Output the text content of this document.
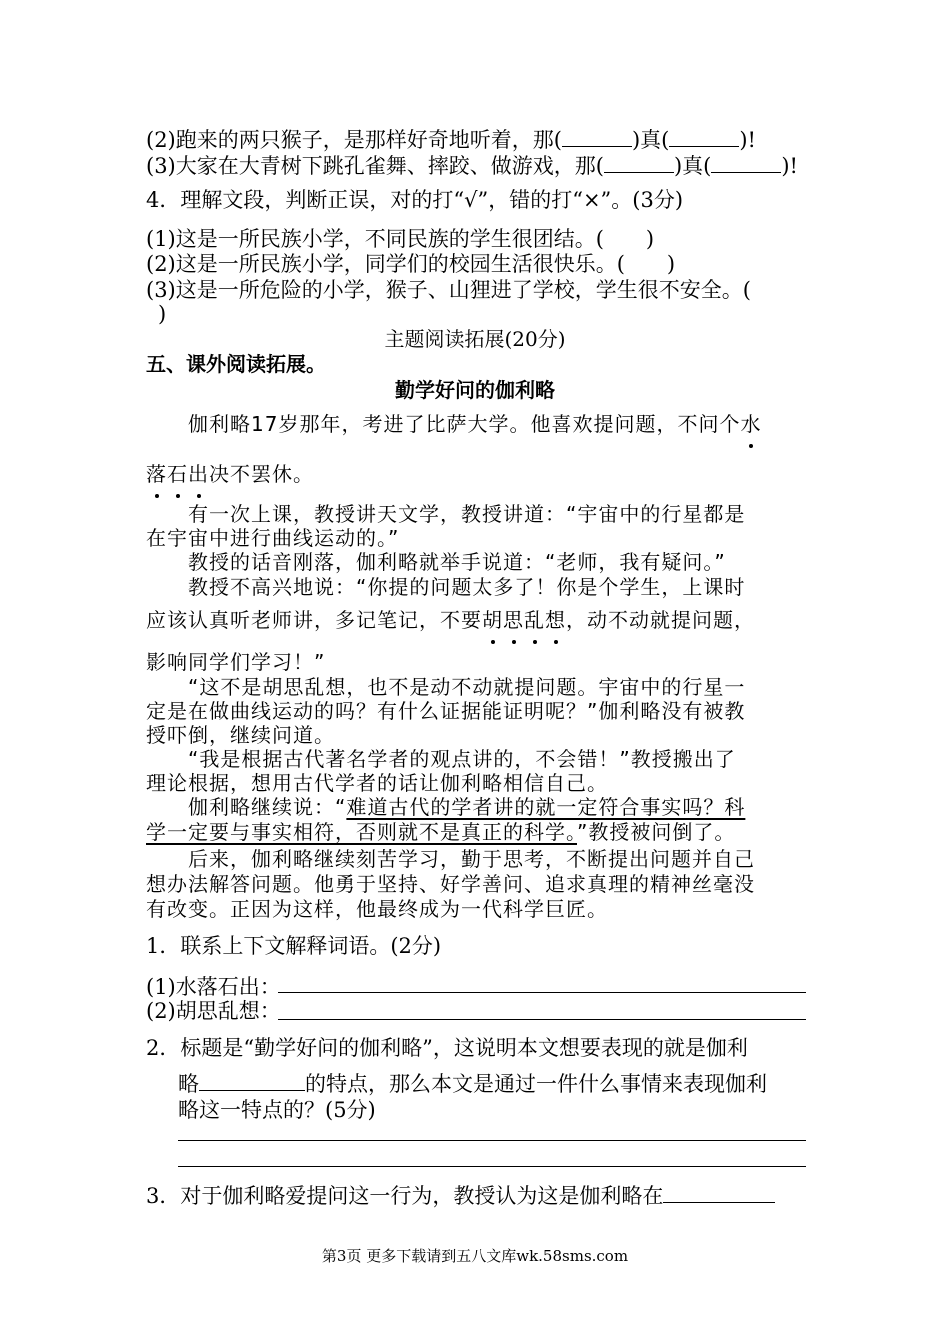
(2)跑来的两只猴子，是那样好奇地听着，那(	)真(	)!
(3)大家在大青树下跳孔雀舞、摔跤、做游戏，那(	)真(	)!
4．理解文段，判断正误，对的打“√”，错的打“×”。(3分)
(1)这是一所民族小学，不同民族的学生很团结。(　　)
(2)这是一所民族小学，同学们的校园生活很快乐。(　　)
(3)这是一所危险的小学，猴子、山狸进了学校，学生很不安全。(
)
主题阅读拓展(20分)
五、课外阅读拓展。
勤学好问的伽利略
伽利略17岁那年，考进了比萨大学。他喜欢提问题，不问个水
落石出决不罢休。
有一次上课，教授讲天文学，教授讲道：“宇宙中的行星都是
在宇宙中进行曲线运动的。”
教授的话音刚落，伽利略就举手说道：“老师，我有疑问。”
教授不高兴地说：“你提的问题太多了！你是个学生，上课时
应该认真听老师讲，多记笔记，不要胡思乱想，动不动就提问题，
影响同学们学习！”
“这不是胡思乱想，也不是动不动就提问题。宇宙中的行星一
定是在做曲线运动的吗？有什么证据能证明呢？”伽利略没有被教
授吓倒，继续问道。
“我是根据古代著名学者的观点讲的，不会错！”教授搬出了
理论根据，想用古代学者的话让伽利略相信自己。
伽利略继续说：“难道古代的学者讲的就一定符合事实吗？科
学一定要与事实相符，否则就不是真正的科学。”教授被问倒了。
后来，伽利略继续刻苦学习，勤于思考，不断提出问题并自己
想办法解答问题。他勇于坚持、好学善问、追求真理的精神丝毫没
有改变。正因为这样，他最终成为一代科学巨匠。
1．联系上下文解释词语。(2分)
(1)水落石出：
(2)胡思乱想：
2．标题是“勤学好问的伽利略”，这说明本文想要表现的就是伽利
略	的特点，那么本文是通过一件什么事情来表现伽利
略这一特点的？(5分)
3．对于伽利略爱提问这一行为，教授认为这是伽利略在
第3页 更多下载请到五八文库wk.58sms.com
